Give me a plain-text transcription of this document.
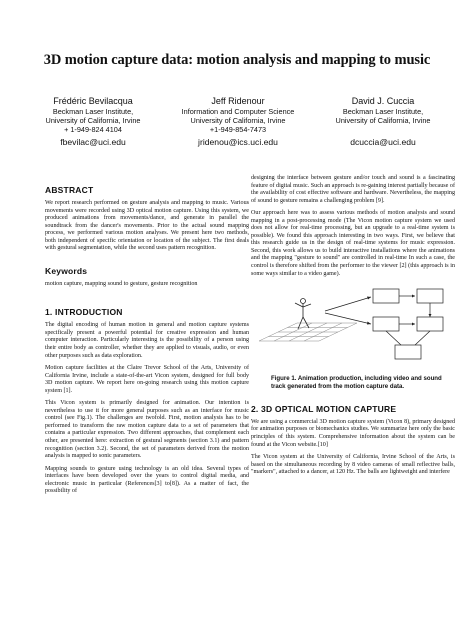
3D motion capture data: motion analysis and mapping to music
Frédéric Bevilacqua
Beckman Laser Institute,
University of California, Irvine
+ 1-949-824 4104
fbevilac@uci.edu
Jeff Ridenour
Information and Computer Science
University of California, Irvine
+1-949-854-7473
jridenou@ics.uci.edu
David J. Cuccia
Beckman Laser Institute,
University of California, Irvine
dcuccia@uci.edu
ABSTRACT

We report research performed on gesture analysis and mapping to music. Various movements were recorded using 3D optical motion capture. Using this system, we produced animations from movements/dance, and generate in parallel the soundtrack from the dancer's movements. Prior to the actual sound mapping process, we performed various motion analyses. We present here two methods, both independent of specific orientation or location of the subject. The first deals with gestural segmentation, while the second uses pattern recognition.

Keywords

motion capture, mapping sound to gesture, gesture recognition

1. INTRODUCTION

The digital encoding of human motion in general and motion capture systems specifically present a powerful potential for creative expression and human computer interaction. Particularly interesting is the possibility of a person using their entire body as controller, whether they are applied to visuals, audio, or even other purposes such as data exploration.

Motion capture facilities at the Claire Trevor School of the Arts, University of California Irvine, include a state-of-the-art Vicon system, designed for full body 3D motion capture. We report here on-going research using this motion capture system [1].

This Vicon system is primarily designed for animation. Our intention is nevertheless to use it for more general purposes such as an interface for music control (see Fig.1). The challenges are twofold. First, motion analysis has to be performed to transform the raw motion capture data to a set of parameters that contains a particular expression. Two different approaches, that complement each other, are presented here: extraction of gestural segments (section 3.1) and pattern recognition (section 3.2). Second, the set of parameters derived from the motion analysis is mapped to sonic parameters.

Mapping sounds to gesture using technology is an old idea. Several types of interfaces have been developed over the years to control digital media, and electronic music in particular (References[3] to[8]). As a matter of fact, the possibility of

designing the interface between gesture and/or touch and sound is a fascinating feature of digital music. Such an approach is re-gaining interest partially because of the availability of cost effective software and hardware. Nevertheless, the mapping of sound to gesture remains a challenging problem [9].

Our approach here was to assess various methods of motion analysis and sound mapping in a post-processing mode (The Vicon motion capture system we used does not allow for real-time processing, but an upgrade to a real-time system is possible). We found this approach interesting in two ways. First, we believe that this research guide us in the design of real-time systems for music expression. Second, this work allows us to build interactive installations where the animations and the mapping "gesture to sound" are controlled in real-time In such a case, the control is therefore shifted from the performer to the viewer [2] (this approach is in some ways similar to a video game).

Figure 1. Animation production, including video and sound track generated from the motion capture data.
2. 3D OPTICAL MOTION CAPTURE

We are using a commercial 3D motion capture system (Vicon 8), primary designed for animation purposes or biomechanics studies. We summarize here only the basic principles of this system. Comprehensive information about the system can be found at the Vicon website.[10]

The Vicon system at the University of California, Irvine School of the Arts, is based on the simultaneous recording by 8 video cameras of small reflective balls, "markers", attached to a dancer, at 120 Hz. The balls are lightweight and interfere
